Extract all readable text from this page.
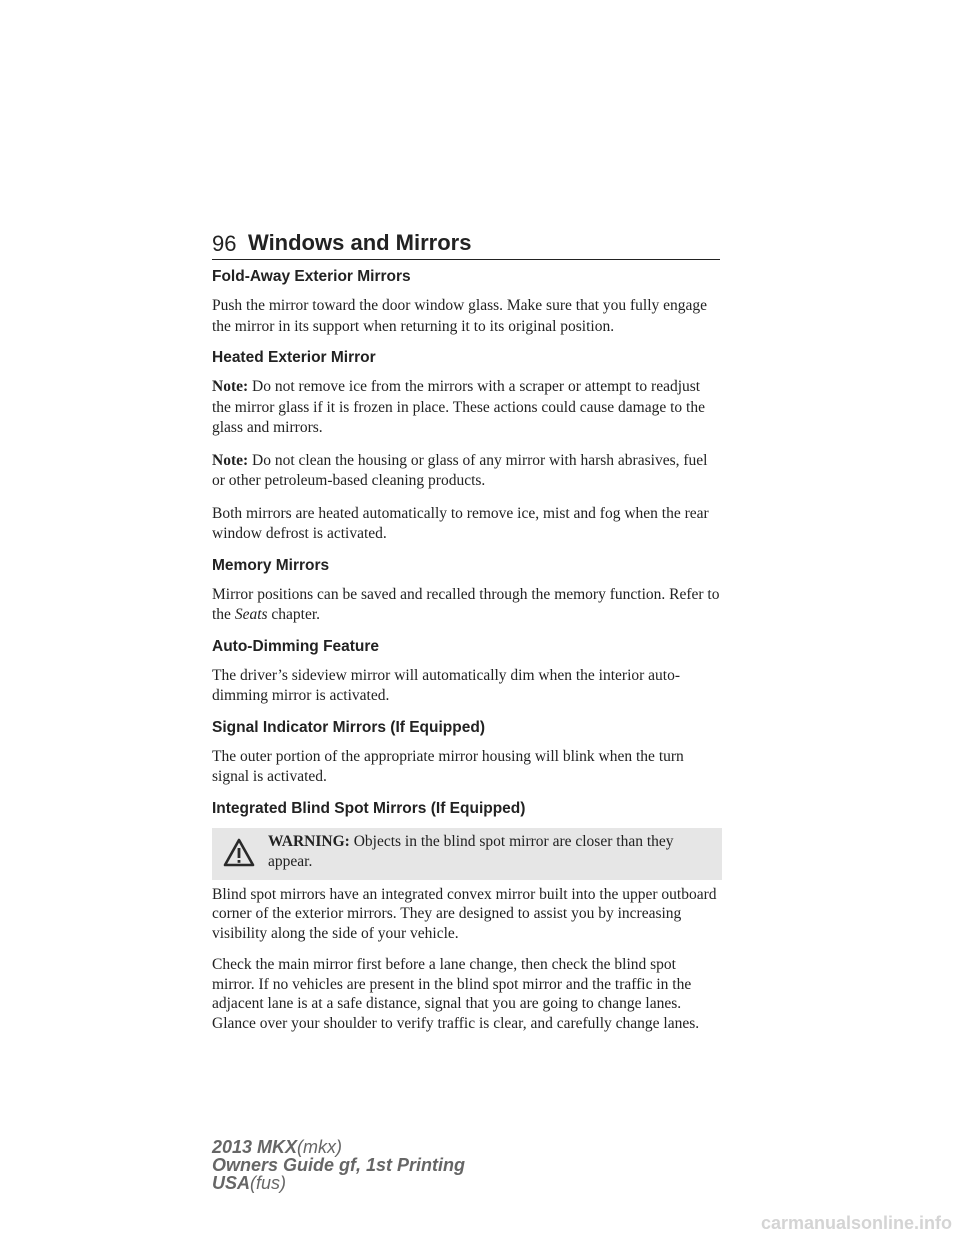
96 Windows and Mirrors
Fold-Away Exterior Mirrors

Push the mirror toward the door window glass. Make sure that you fully engage the mirror in its support when returning it to its original position.

Heated Exterior Mirror

Note: Do not remove ice from the mirrors with a scraper or attempt to readjust the mirror glass if it is frozen in place. These actions could cause damage to the glass and mirrors.

Note: Do not clean the housing or glass of any mirror with harsh abrasives, fuel or other petroleum-based cleaning products.

Both mirrors are heated automatically to remove ice, mist and fog when the rear window defrost is activated.

Memory Mirrors

Mirror positions can be saved and recalled through the memory function. Refer to the Seats chapter.

Auto-Dimming Feature

The driver’s sideview mirror will automatically dim when the interior auto-dimming mirror is activated.

Signal Indicator Mirrors (If Equipped)

The outer portion of the appropriate mirror housing will blink when the turn signal is activated.

Integrated Blind Spot Mirrors (If Equipped)
WARNING: Objects in the blind spot mirror are closer than they appear.

Blind spot mirrors have an integrated convex mirror built into the upper outboard corner of the exterior mirrors. They are designed to assist you by increasing visibility along the side of your vehicle.

Check the main mirror first before a lane change, then check the blind spot mirror. If no vehicles are present in the blind spot mirror and the traffic in the adjacent lane is at a safe distance, signal that you are going to change lanes. Glance over your shoulder to verify traffic is clear, and carefully change lanes.

2013 MKX(mkx)
Owners Guide gf, 1st Printing
USA(fus)
carmanualsonline.info
